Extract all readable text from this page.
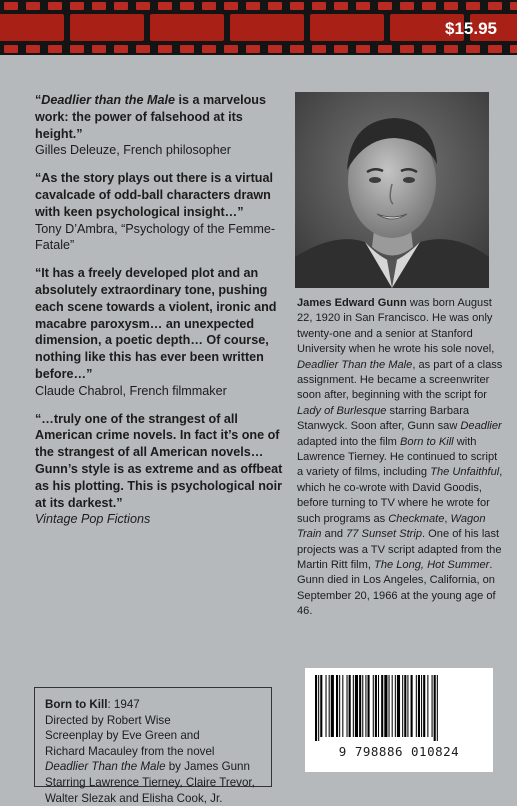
$15.95
“Deadlier than the Male is a marvelous work: the power of falsehood at its height.”
Gilles Deleuze, French philosopher
“As the story plays out there is a virtual cavalcade of odd-ball characters drawn with keen psychological insight…”
Tony D’Ambra, “Psychology of the Femme-Fatale”
“It has a freely developed plot and an absolutely extraordinary tone, pushing each scene towards a violent, ironic and macabre paroxysm… an unexpected dimension, a poetic depth… Of course, nothing like this has ever been written before…”
Claude Chabrol, French filmmaker
“…truly one of the strangest of all American crime novels. In fact it’s one of the strangest of all American novels… Gunn’s style is as extreme and as offbeat as his plotting. This is psychological noir at its darkest.”
Vintage Pop Fictions
James Edward Gunn was born August 22, 1920 in San Francisco. He was only twenty-one and a senior at Stanford University when he wrote his sole novel, Deadlier Than the Male, as part of a class assignment. He became a screenwriter soon after, beginning with the script for Lady of Burlesque starring Barbara Stanwyck. Soon after, Gunn saw Deadlier adapted into the film Born to Kill with Lawrence Tierney. He continued to script a variety of films, including The Unfaithful, which he co-wrote with David Goodis, before turning to TV where he wrote for such programs as Checkmate, Wagon Train and 77 Sunset Strip. One of his last projects was a TV script adapted from the Martin Ritt film, The Long, Hot Summer. Gunn died in Los Angeles, California, on September 20, 1966 at the young age of 46.
Born to Kill: 1947
Directed by Robert Wise
Screenplay by Eve Green and
Richard Macauley from the novel
Deadlier Than the Male by James Gunn
Starring Lawrence Tierney, Claire Trevor,
Walter Slezak and Elisha Cook, Jr.
9 798886 010824
